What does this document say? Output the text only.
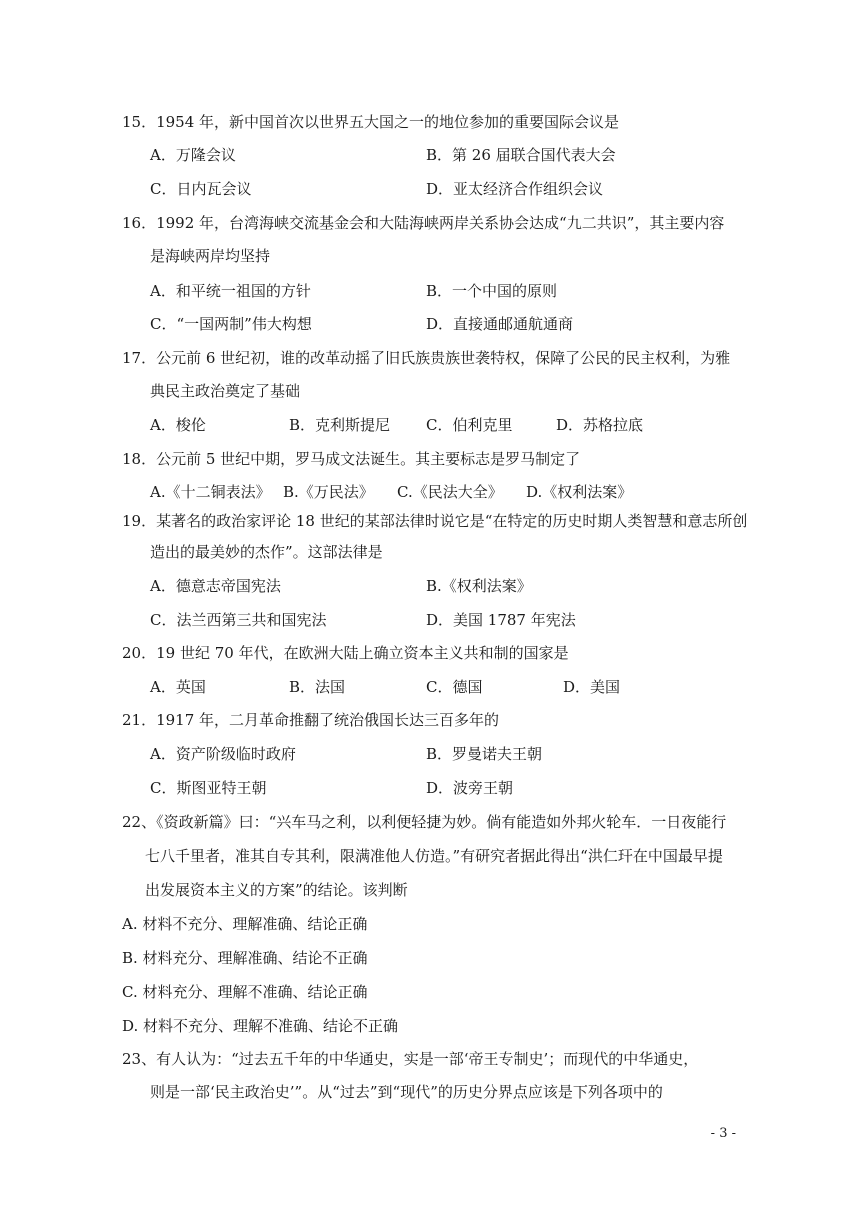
15．1954 年，新中国首次以世界五大国之一的地位参加的重要国际会议是
A．万隆会议	B．第 26 届联合国代表大会
C．日内瓦会议	D．亚太经济合作组织会议
16．1992 年，台湾海峡交流基金会和大陆海峡两岸关系协会达成“九二共识”，其主要内容
是海峡两岸均坚持
A．和平统一祖国的方针	B．一个中国的原则
C．“一国两制”伟大构想	D．直接通邮通航通商
17．公元前 6 世纪初，谁的改革动摇了旧氏族贵族世袭特权，保障了公民的民主权利，为雅
典民主政治奠定了基础
A．梭伦	B．克利斯提尼 C．伯利克里	D．苏格拉底
18．公元前 5 世纪中期，罗马成文法诞生。其主要标志是罗马制定了
A.《十二铜表法》 B.《万民法》 C.《民法大全》 D.《权利法案》
19．某著名的政治家评论 18 世纪的某部法律时说它是“在特定的历史时期人类智慧和意志所创
造出的最美妙的杰作”。这部法律是
A．德意志帝国宪法	B.《权利法案》
C．法兰西第三共和国宪法	D．美国 1787 年宪法
20．19 世纪 70 年代，在欧洲大陆上确立资本主义共和制的国家是
A．英国	B．法国	C．德国	D．美国
21．1917 年，二月革命推翻了统治俄国长达三百多年的
A．资产阶级临时政府	B．罗曼诺夫王朝
C．斯图亚特王朝	D．波旁王朝
22、《资政新篇》曰：“兴车马之利，以利便轻捷为妙。倘有能造如外邦火轮车．一日夜能行
七八千里者，准其自专其利，限满准他人仿造。”有研究者据此得出“洪仁玕在中国最早提
出发展资本主义的方案”的结论。该判断
A. 材料不充分、理解准确、结论正确
B. 材料充分、理解准确、结论不正确
C. 材料充分、理解不准确、结论正确
D. 材料不充分、理解不准确、结论不正确
23、有人认为：“过去五千年的中华通史，实是一部‘帝王专制史’；而现代的中华通史，
则是一部‘民主政治史’”。从“过去”到“现代”的历史分界点应该是下列各项中的
- 3 -
